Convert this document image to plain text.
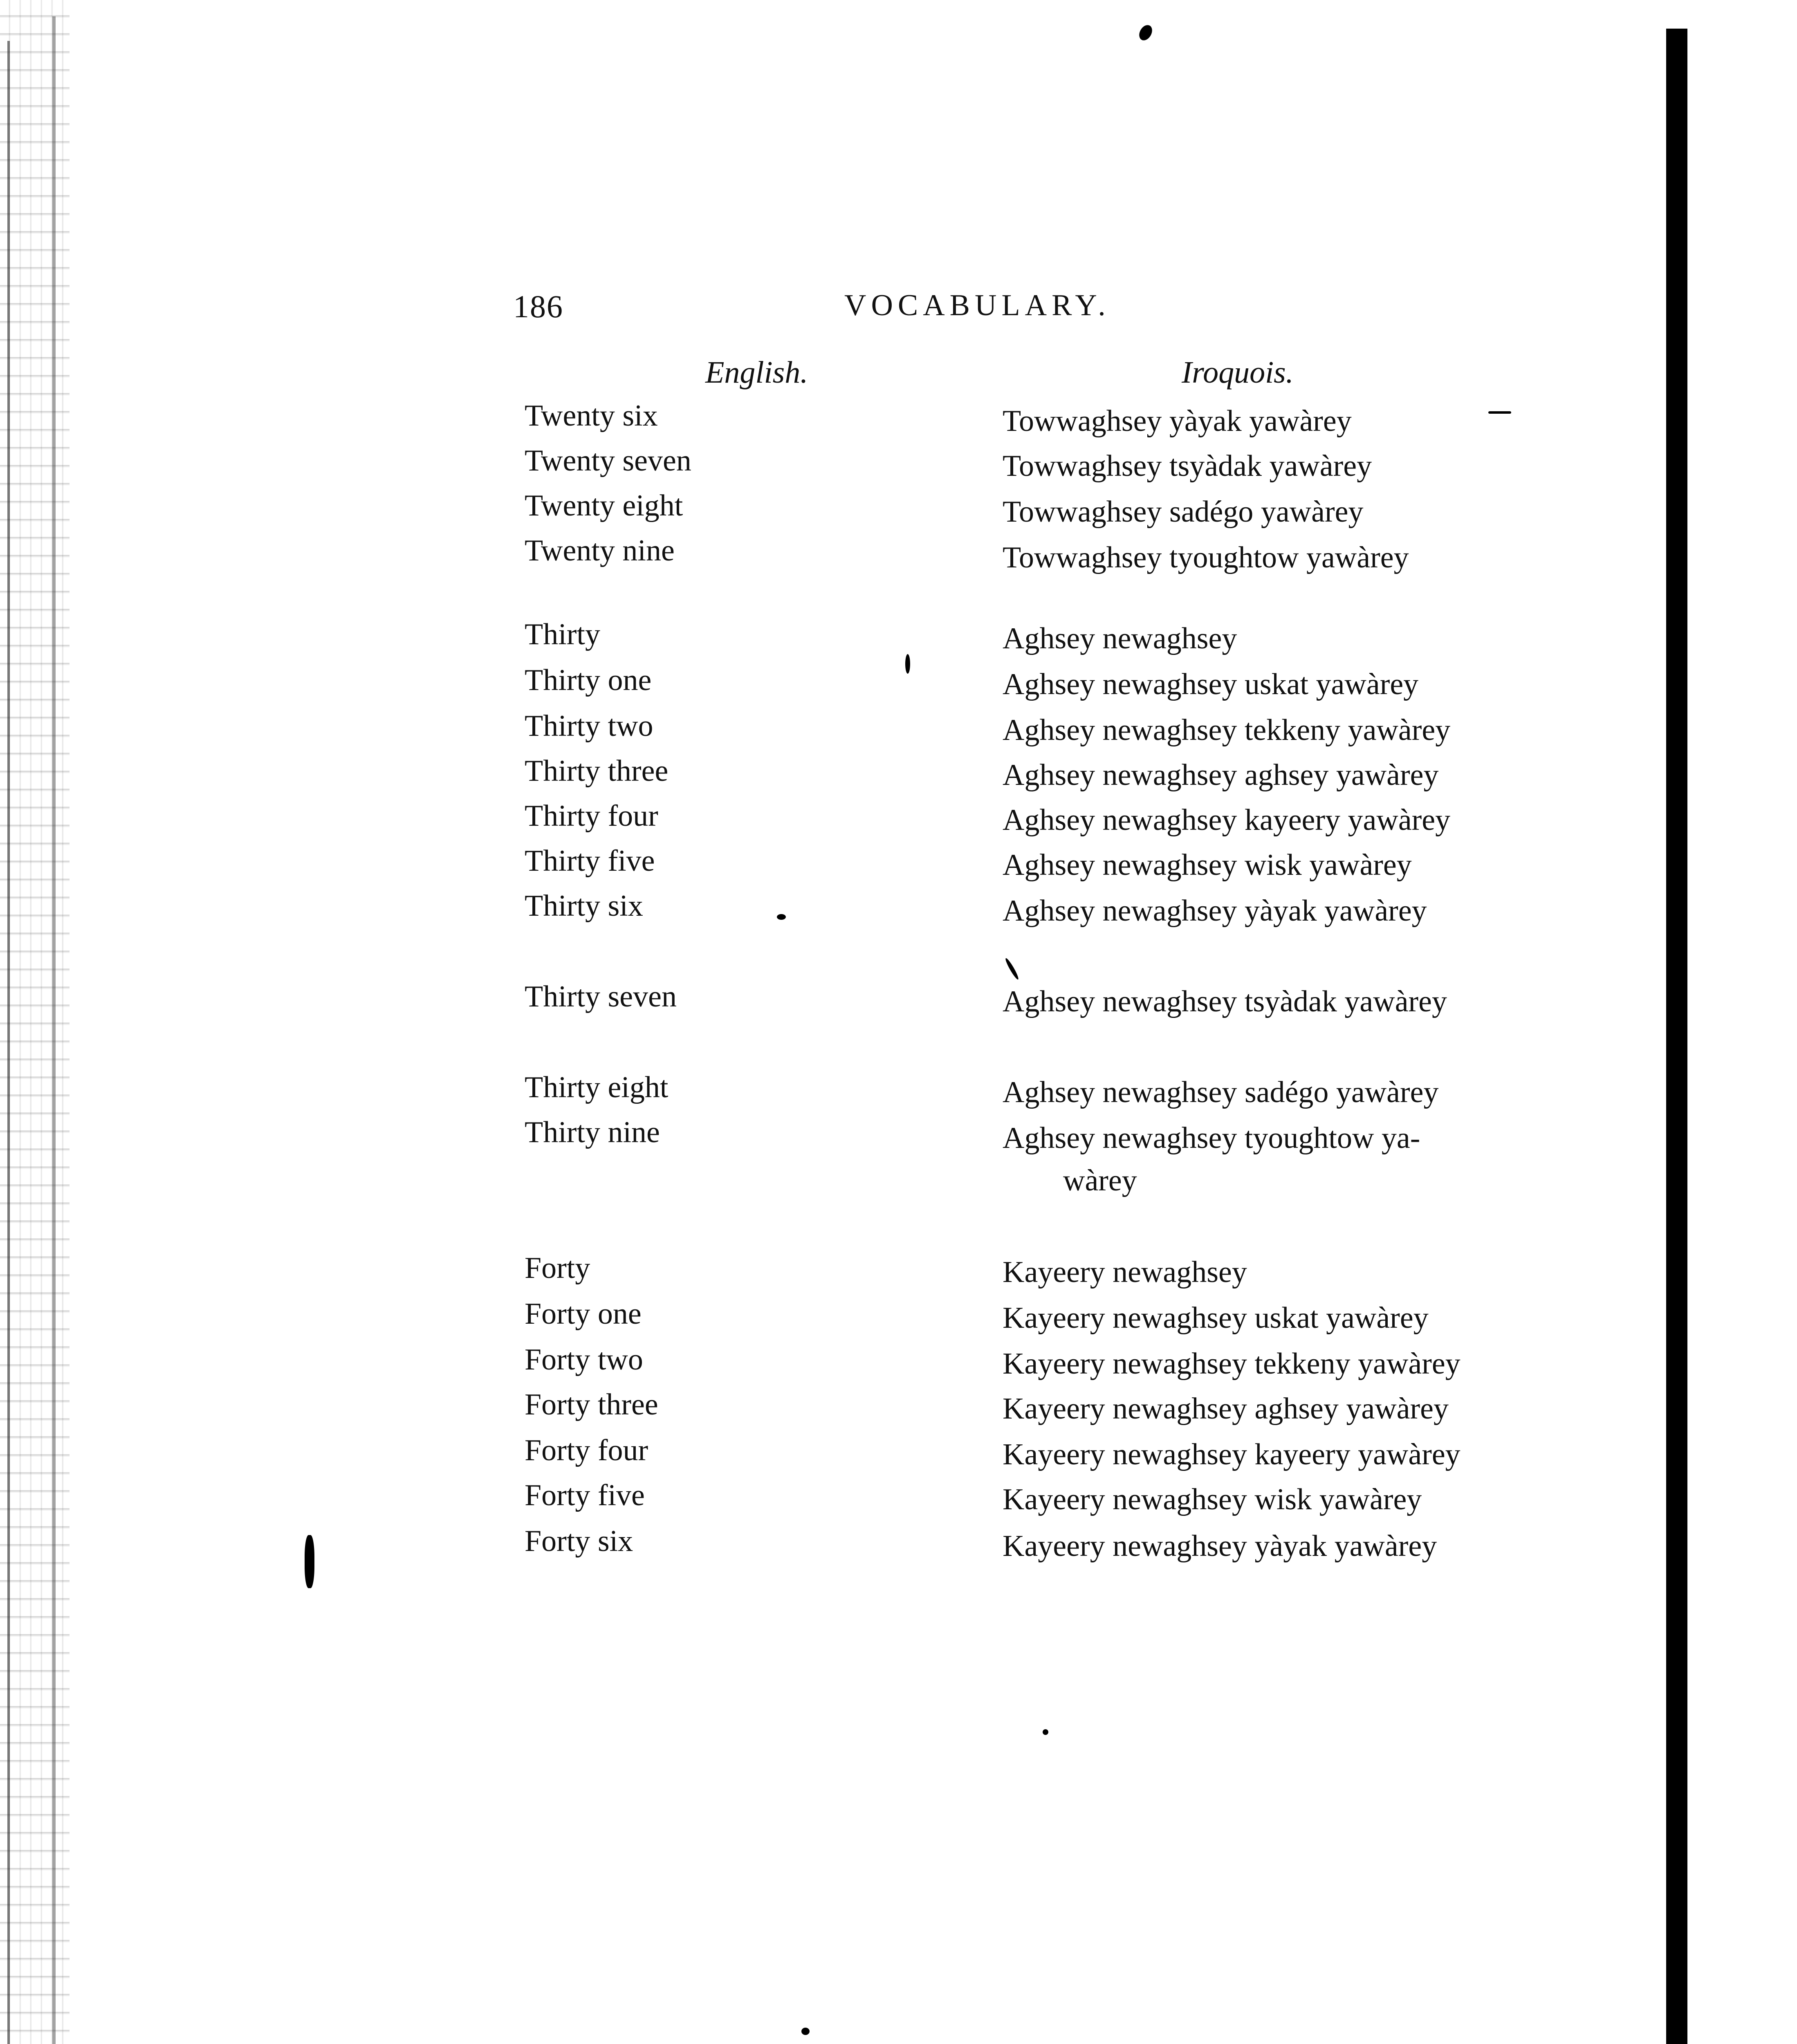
186	VOCABULARY.
English.	Iroquois.
Twenty six	Towwaghsey yàyak yawàrey
Twenty seven	Towwaghsey tsyàdak yawàrey
Twenty eight	Towwaghsey sadégo yawàrey
Twenty nine	Towwaghsey tyoughtow yawàrey
Thirty	Aghsey newaghsey
Thirty one	Aghsey newaghsey uskat yawàrey
Thirty two	Aghsey newaghsey tekkeny yawàrey
Thirty three	Aghsey newaghsey aghsey yawàrey
Thirty four	Aghsey newaghsey kayeery yawàrey
Thirty five	Aghsey newaghsey wisk yawàrey
Thirty six	Aghsey newaghsey yàyak yawàrey
Thirty seven	Aghsey newaghsey tsyàdak yawàrey
Thirty eight	Aghsey newaghsey sadégo yawàrey
Thirty nine	Aghsey newaghsey tyoughtow ya-
wàrey
Forty	Kayeery newaghsey
Forty one	Kayeery newaghsey uskat yawàrey
Forty two	Kayeery newaghsey tekkeny yawàrey
Forty three	Kayeery newaghsey aghsey yawàrey
Forty four	Kayeery newaghsey kayeery yawàrey
Forty five	Kayeery newaghsey wisk yawàrey
Forty six	Kayeery newaghsey yàyak yawàrey
